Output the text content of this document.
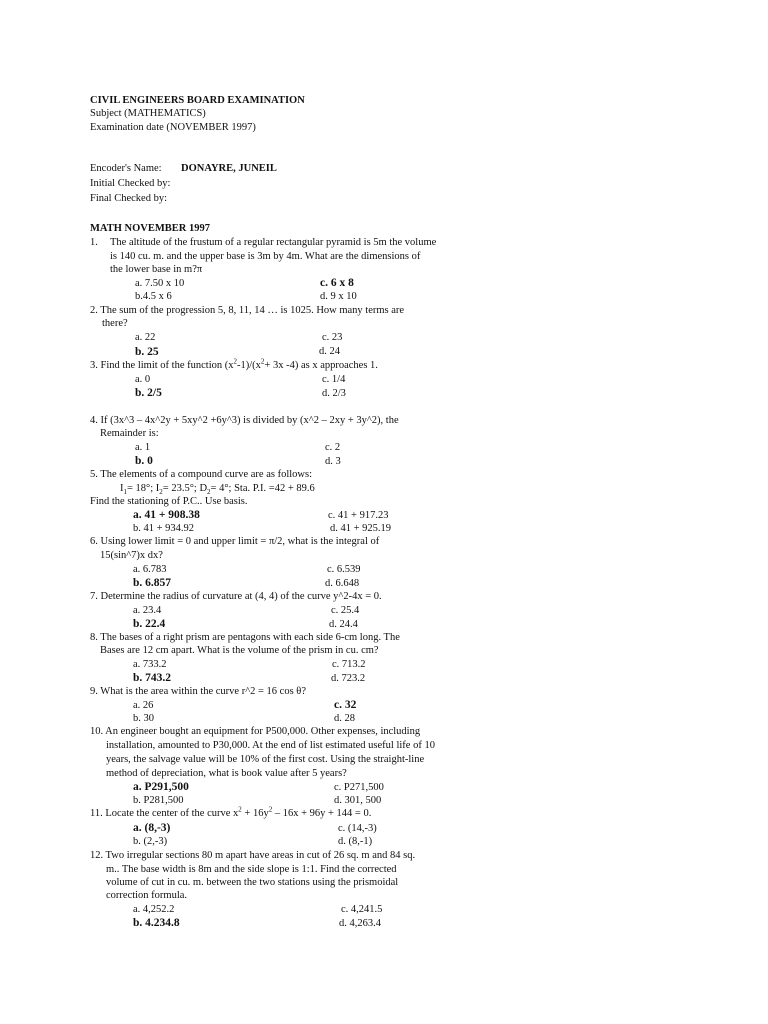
CIVIL ENGINEERS BOARD EXAMINATION
Subject (MATHEMATICS)
Examination date (NOVEMBER 1997)
Encoder's Name: DONAYRE, JUNEIL
Initial Checked by:
Final Checked by:
MATH NOVEMBER 1997
1. The altitude of the frustum of a regular rectangular pyramid is 5m the volume
is 140 cu. m. and the upper base is 3m by 4m. What are the dimensions of
the lower base in m?π
a. 7.50 x 10	c. 6 x 8
b.4.5 x 6	d. 9 x 10
2. The sum of the progression 5, 8, 11, 14 … is 1025. How many terms are
there?
a. 22	c. 23
b. 25	d. 24
3. Find the limit of the function $(x^2-1)/(x^2+ 3x$ -4) as x approaches 1.
a. 0	c. 1/4
b. 2/5	d. 2/3
4. If (3x^3 – 4x^2y + 5xy^2 +6y^3) is divided by (x^2 – 2xy + 3y^2), the
Remainder is:
a. 1	c. 2
b. 0	d. 3
5. The elements of a compound curve are as follows:
$I_1= 18^\circ$; $I_2= 23.5^\circ$; $D_2= 4^\circ$; Sta. P.I. =42 + 89.6
Find the stationing of P.C.. Use basis.
a. 41 + 908.38	c. 41 + 917.23
b. 41 + 934.92	d. 41 + 925.19
6. Using lower limit = 0 and upper limit = π/2, what is the integral of
15(sin^7)x dx?
a. 6.783	c. 6.539
b. 6.857	d. 6.648
7. Determine the radius of curvature at (4, 4) of the curve y^2-4x = 0.
a. 23.4	c. 25.4
b. 22.4	d. 24.4
8. The bases of a right prism are pentagons with each side 6-cm long. The
Bases are 12 cm apart. What is the volume of the prism in cu. cm?
a. 733.2	c. 713.2
b. 743.2	d. 723.2
9. What is the area within the curve r^2 = 16 cos θ?
a. 26	c. 32
b. 30	d. 28
10. An engineer bought an equipment for P500,000. Other expenses, including
installation, amounted to P30,000. At the end of list estimated useful life of 10
years, the salvage value will be 10% of the first cost. Using the straight-line
method of depreciation, what is book value after 5 years?
a. P291,500	c. P271,500
b. P281,500	d. 301, 500
11. Locate the center of the curve $x^2 + 16y^2 - 16x + 96y + 144 = 0$.
a. (8,-3)	c. (14,-3)
b. (2,-3)	d. (8,-1)
12. Two irregular sections 80 m apart have areas in cut of 26 sq. m and 84 sq.
m.. The base width is 8m and the side slope is 1:1. Find the corrected
volume of cut in cu. m. between the two stations using the prismoidal
correction formula.
a. 4,252.2	c. 4,241.5
b. 4.234.8	d. 4,263.4
